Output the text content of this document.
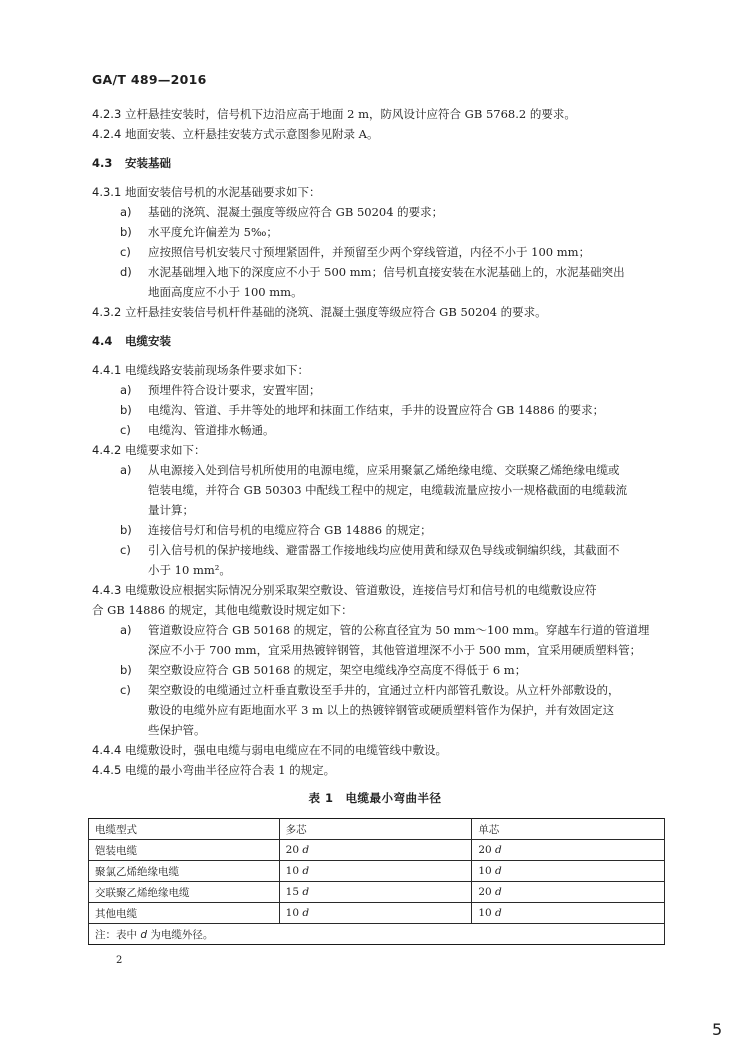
GA/T 489—2016
4.2.3 立杆悬挂安装时，信号机下边沿应高于地面 2 m，防风设计应符合 GB 5768.2 的要求。
4.2.4 地面安装、立杆悬挂安装方式示意图参见附录 A。
4.3 安装基础
4.3.1 地面安装信号机的水泥基础要求如下：
a) 基础的浇筑、混凝土强度等级应符合 GB 50204 的要求；
b) 水平度允许偏差为 5‰；
c) 应按照信号机安装尺寸预埋紧固件，并预留至少两个穿线管道，内径不小于 100 mm；
d) 水泥基础埋入地下的深度应不小于 500 mm；信号机直接安装在水泥基础上的，水泥基础突出
地面高度应不小于 100 mm。
4.3.2 立杆悬挂安装信号机杆件基础的浇筑、混凝土强度等级应符合 GB 50204 的要求。
4.4 电缆安装
4.4.1 电缆线路安装前现场条件要求如下：
a) 预埋件符合设计要求，安置牢固；
b) 电缆沟、管道、手井等处的地坪和抹面工作结束，手井的设置应符合 GB 14886 的要求；
c) 电缆沟、管道排水畅通。
4.4.2 电缆要求如下：
a) 从电源接入处到信号机所使用的电源电缆，应采用聚氯乙烯绝缘电缆、交联聚乙烯绝缘电缆或
铠装电缆，并符合 GB 50303 中配线工程中的规定，电缆载流量应按小一规格截面的电缆载流
量计算；
b) 连接信号灯和信号机的电缆应符合 GB 14886 的规定；
c) 引入信号机的保护接地线、避雷器工作接地线均应使用黄和绿双色导线或铜编织线，其截面不
小于 10 mm²。
4.4.3 电缆敷设应根据实际情况分别采取架空敷设、管道敷设，连接信号灯和信号机的电缆敷设应符
合 GB 14886 的规定，其他电缆敷设时规定如下：
a) 管道敷设应符合 GB 50168 的规定，管的公称直径宜为 50 mm～100 mm。穿越车行道的管道埋
深应不小于 700 mm，宜采用热镀锌钢管，其他管道埋深不小于 500 mm，宜采用硬质塑料管；
b) 架空敷设应符合 GB 50168 的规定，架空电缆线净空高度不得低于 6 m；
c) 架空敷设的电缆通过立杆垂直敷设至手井的，宜通过立杆内部管孔敷设。从立杆外部敷设的，
敷设的电缆外应有距地面水平 3 m 以上的热镀锌钢管或硬质塑料管作为保护，并有效固定这
些保护管。
4.4.4 电缆敷设时，强电电缆与弱电电缆应在不同的电缆管线中敷设。
4.4.5 电缆的最小弯曲半径应符合表 1 的规定。
表 1　电缆最小弯曲半径
电缆型式	多芯	单芯
铠装电缆	20 d	20 d
聚氯乙烯绝缘电缆	10 d	10 d
交联聚乙烯绝缘电缆	15 d	20 d
其他电缆	10 d	10 d
注：表中 d 为电缆外径。		
2
5
